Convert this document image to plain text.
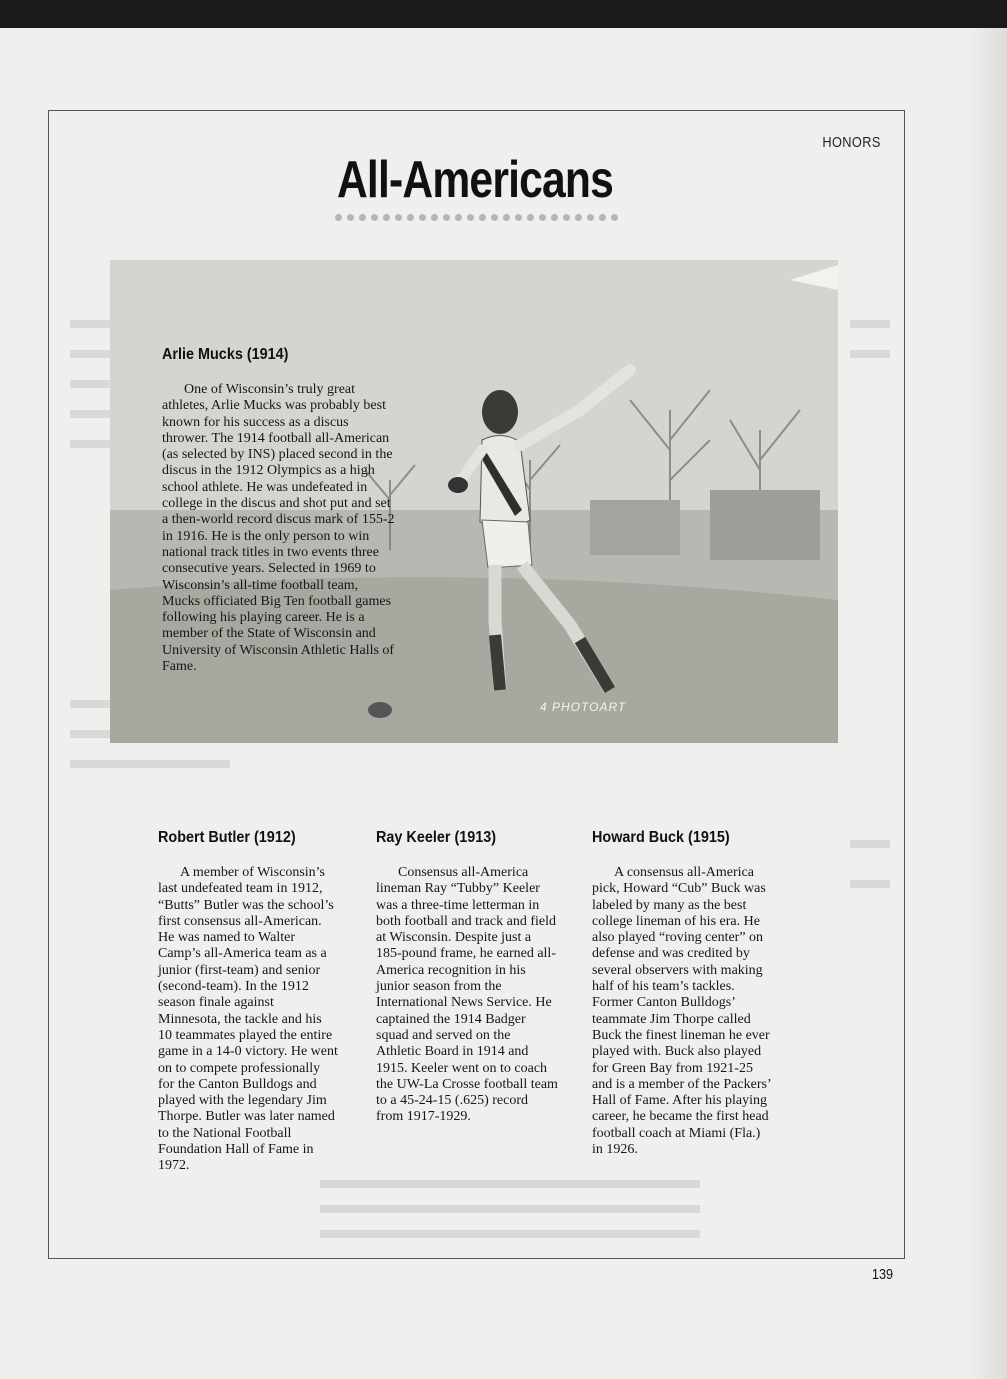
HONORS
All-Americans
4 PHOTOART
Arlie Mucks (1914)

One of Wisconsin’s truly great athletes, Arlie Mucks was probably best known for his success as a discus thrower. The 1914 football all-American (as selected by INS) placed second in the discus in the 1912 Olympics as a high school athlete. He was undefeated in college in the discus and shot put and set a then-world record discus mark of 155-2 in 1916. He is the only person to win national track titles in two events three consecutive years. Selected in 1969 to Wisconsin’s all-time football team, Mucks officiated Big Ten football games following his playing career. He is a member of the State of Wisconsin and University of Wisconsin Athletic Halls of Fame.

Robert Butler (1912)

A member of Wisconsin’s last undefeated team in 1912, “Butts” Butler was the school’s first consensus all-American. He was named to Walter Camp’s all-America team as a junior (first-team) and senior (second-team). In the 1912 season finale against Minnesota, the tackle and his 10 teammates played the entire game in a 14-0 victory. He went on to compete professionally for the Canton Bulldogs and played with the legendary Jim Thorpe. Butler was later named to the National Football Foundation Hall of Fame in 1972.

Ray Keeler (1913)

Consensus all-America lineman Ray “Tubby” Keeler was a three-time letterman in both football and track and field at Wisconsin. Despite just a 185-pound frame, he earned all-America recognition in his junior season from the International News Service. He captained the 1914 Badger squad and served on the Athletic Board in 1914 and 1915. Keeler went on to coach the UW-La Crosse football team to a 45-24-15 (.625) record from 1917-1929.

Howard Buck (1915)

A consensus all-America pick, Howard “Cub” Buck was labeled by many as the best college lineman of his era. He also played “roving center” on defense and was credited by several observers with making half of his team’s tackles. Former Canton Bulldogs’ teammate Jim Thorpe called Buck the finest lineman he ever played with. Buck also played for Green Bay from 1921-25 and is a member of the Packers’ Hall of Fame. After his playing career, he became the first head football coach at Miami (Fla.) in 1926.

139
